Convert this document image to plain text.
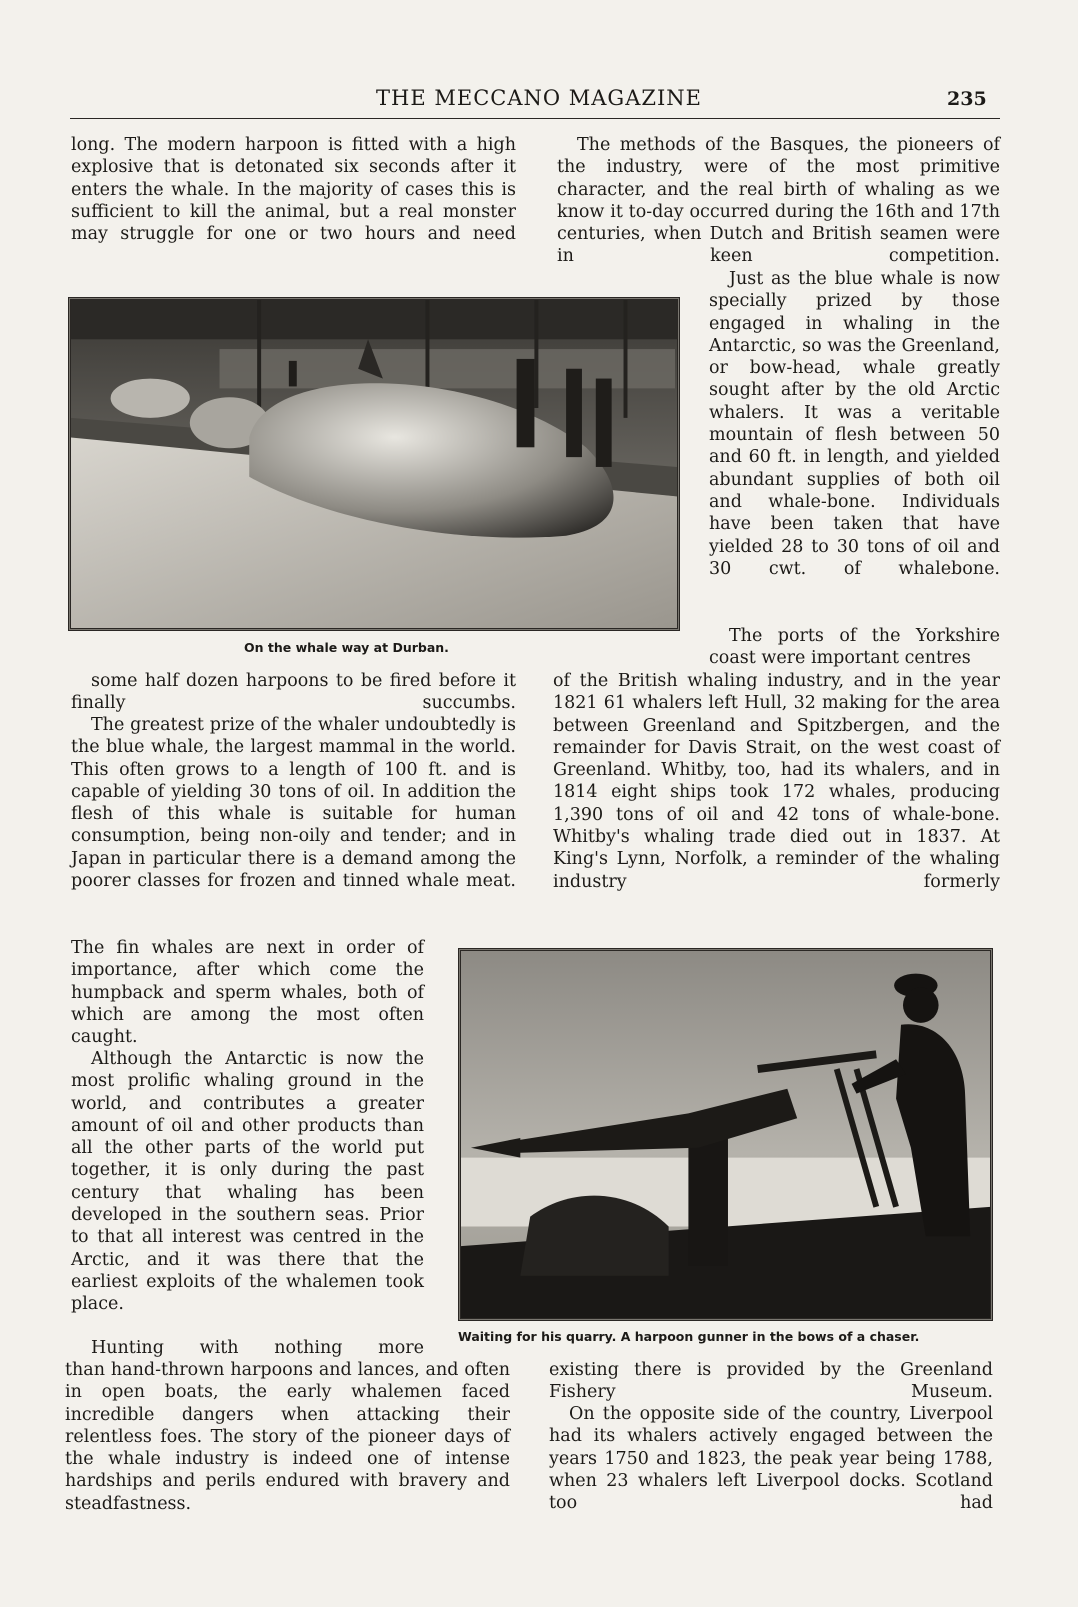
THE MECCANO MAGAZINE	235

long. The modern harpoon is fitted with a high explosive that is detonated six seconds after it enters the whale. In the majority of cases this is sufficient to kill the animal, but a real monster may struggle for one or two hours and need

The methods of the Basques, the pioneers of the industry, were of the most primitive character, and the real birth of whaling as we know it to-day occurred during the 16th and 17th centuries, when Dutch and British seamen were in keen competition.

Just as the blue whale is now specially prized by those engaged in whaling in the Antarctic, so was the Greenland, or bow-head, whale greatly sought after by the old Arctic whalers. It was a veritable mountain of flesh between 50 and 60 ft. in length, and yielded abundant supplies of both oil and whale-bone. Individuals have been taken that have yielded 28 to 30 tons of oil and 30 cwt. of whalebone.

The ports of the Yorkshire coast were important centres

of the British whaling industry, and in the year 1821 61 whalers left Hull, 32 making for the area between Greenland and Spitzbergen, and the remainder for Davis Strait, on the west coast of Greenland. Whitby, too, had its whalers, and in 1814 eight ships took 172 whales, producing 1,390 tons of oil and 42 tons of whale-bone. Whitby's whaling trade died out in 1837. At King's Lynn, Norfolk, a reminder of the whaling industry formerly

On the whale way at Durban.

some half dozen harpoons to be fired before it finally succumbs.

The greatest prize of the whaler undoubtedly is the blue whale, the largest mammal in the world. This often grows to a length of 100 ft. and is capable of yielding 30 tons of oil. In addition the flesh of this whale is suitable for human consumption, being non-oily and tender; and in Japan in particular there is a demand among the poorer classes for frozen and tinned whale meat.

The fin whales are next in order of importance, after which come the humpback and sperm whales, both of which are among the most often caught.

Although the Antarctic is now the most prolific whaling ground in the world, and contributes a greater amount of oil and other products than all the other parts of the world put together, it is only during the past century that whaling has been developed in the southern seas. Prior to that all interest was centred in the Arctic, and it was there that the earliest exploits of the whalemen took place.

Hunting with nothing more

than hand-thrown harpoons and lances, and often in open boats, the early whalemen faced incredible dangers when attacking their relentless foes. The story of the pioneer days of the whale industry is indeed one of intense hardships and perils endured with bravery and steadfastness.

Waiting for his quarry. A harpoon gunner in the bows of a chaser.

existing there is provided by the Greenland Fishery Museum.

On the opposite side of the country, Liverpool had its whalers actively engaged between the years 1750 and 1823, the peak year being 1788, when 23 whalers left Liverpool docks. Scotland too had
